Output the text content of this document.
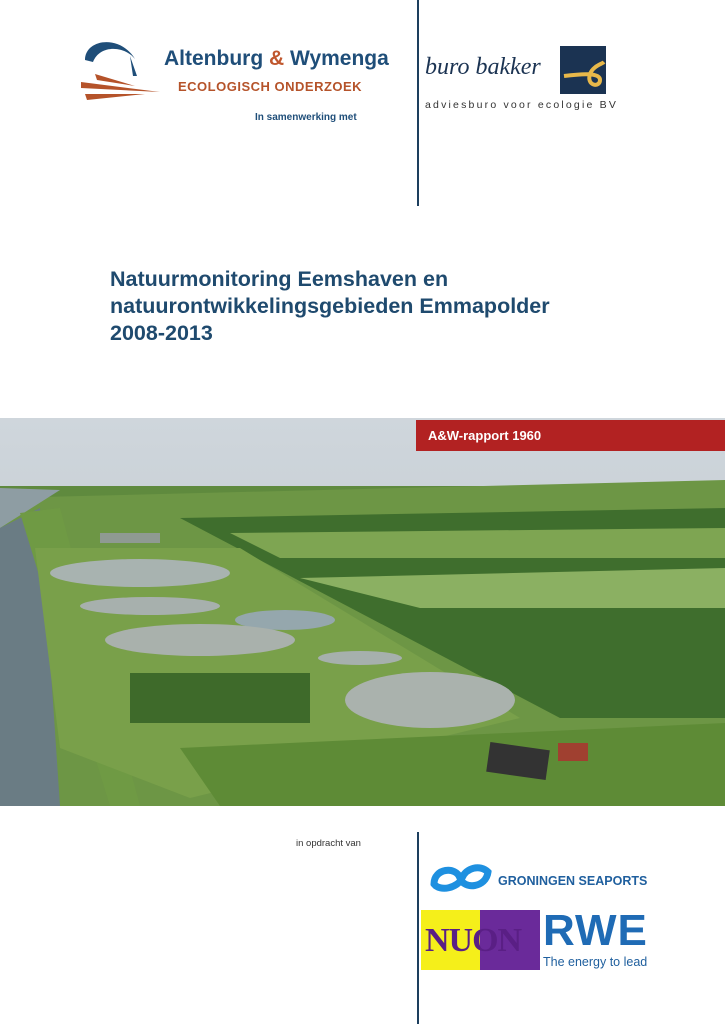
Altenburg & Wymenga
ECOLOGISCH ONDERZOEK
In samenwerking met
buro bakker
adviesburo voor ecologie BV
Natuurmonitoring Eemshaven en
natuurontwikkelingsgebieden Emmapolder
2008-2013
A&W-rapport 1960
in opdracht van
GRONINGEN SEAPORTS
NUON RWE
The energy to lead
